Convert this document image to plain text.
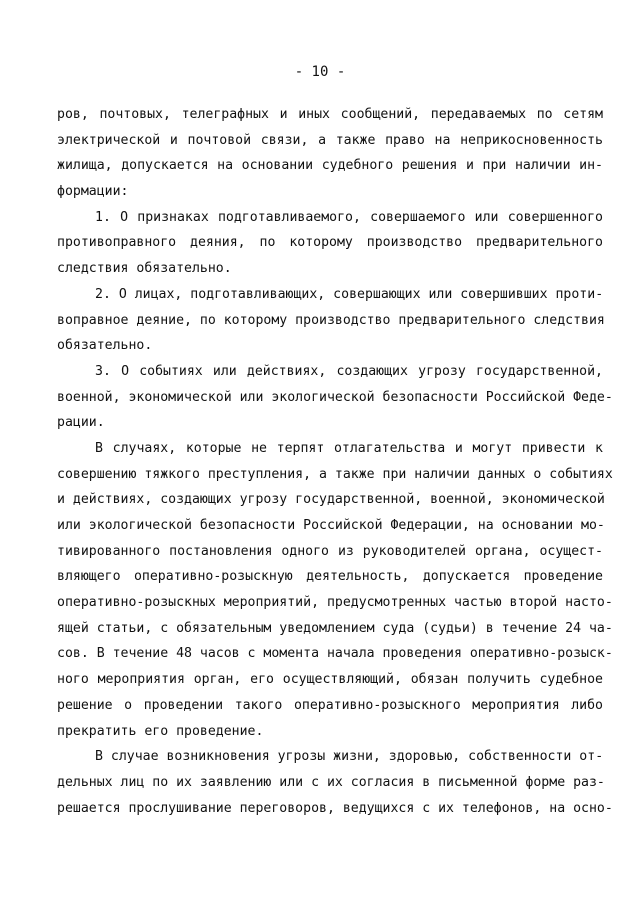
- 10 -
ров, почтовых, телеграфных и иных сообщений, передаваемых по сетям
электрической и почтовой связи, а также право на неприкосновенность
жилища, допускается на основании судебного решения и при наличии ин-
формации:
1. О признаках подготавливаемого, совершаемого или совершенного
противоправного деяния, по которому производство предварительного
следствия обязательно.
2. О лицах, подготавливающих, совершающих или совершивших проти-
воправное деяние, по которому производство предварительного следствия
обязательно.
3. О событиях или действиях, создающих угрозу государственной,
военной, экономической или экологической безопасности Российской Феде-
рации.
В случаях, которые не терпят отлагательства и могут привести к
совершению тяжкого преступления, а также при наличии данных о событиях
и действиях, создающих угрозу государственной, военной, экономической
или экологической безопасности Российской Федерации, на основании мо-
тивированного постановления одного из руководителей органа, осущест-
вляющего оперативно-розыскную деятельность, допускается проведение
оперативно-розыскных мероприятий, предусмотренных частью второй насто-
ящей статьи, с обязательным уведомлением суда (судьи) в течение 24 ча-
сов. В течение 48 часов с момента начала проведения оперативно-розыск-
ного мероприятия орган, его осуществляющий, обязан получить судебное
решение о проведении такого оперативно-розыскного мероприятия либо
прекратить его проведение.
В случае возникновения угрозы жизни, здоровью, собственности от-
дельных лиц по их заявлению или с их согласия в письменной форме раз-
решается прослушивание переговоров, ведущихся с их телефонов, на осно-
